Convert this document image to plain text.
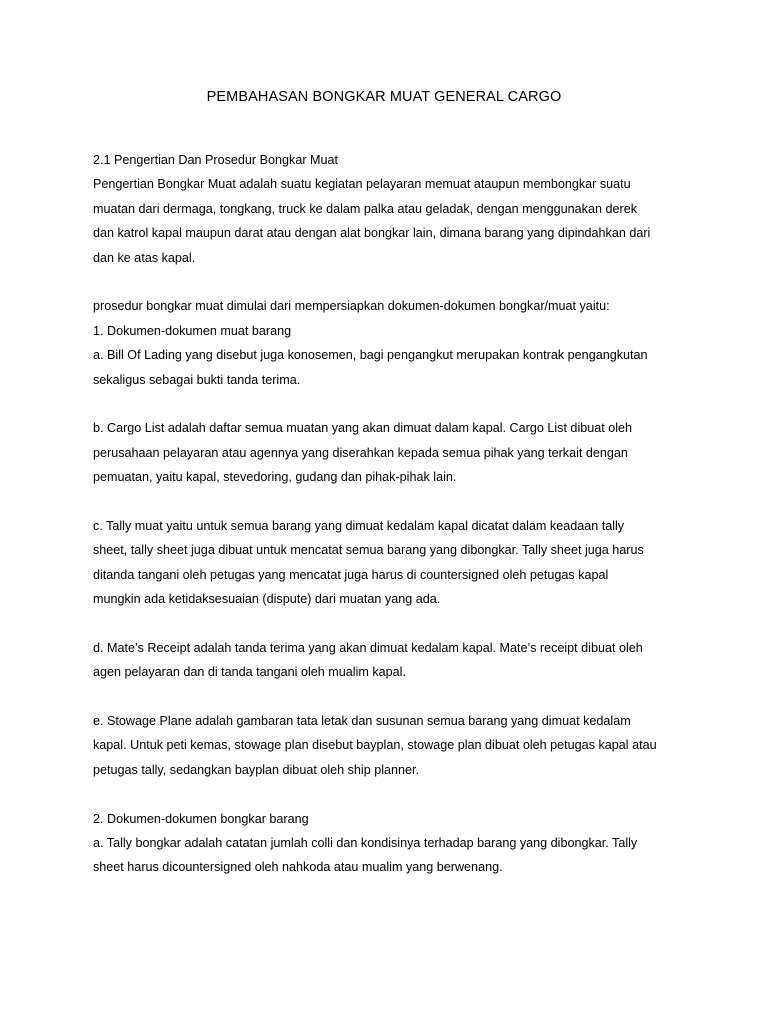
PEMBAHASAN BONGKAR MUAT GENERAL CARGO
2.1 Pengertian Dan Prosedur Bongkar Muat
Pengertian Bongkar Muat adalah suatu kegiatan pelayaran memuat ataupun membongkar suatu
muatan dari dermaga, tongkang, truck ke dalam palka atau geladak, dengan menggunakan derek
dan katrol kapal maupun darat atau dengan alat bongkar lain, dimana barang yang dipindahkan dari
dan ke atas kapal.
prosedur bongkar muat dimulai dari mempersiapkan dokumen-dokumen bongkar/muat yaitu:
1. Dokumen-dokumen muat barang
a. Bill Of Lading yang disebut juga konosemen, bagi pengangkut merupakan kontrak pengangkutan
sekaligus sebagai bukti tanda terima.
b. Cargo List adalah daftar semua muatan yang akan dimuat dalam kapal. Cargo List dibuat oleh
perusahaan pelayaran atau agennya yang diserahkan kepada semua pihak yang terkait dengan
pemuatan, yaitu kapal, stevedoring, gudang dan pihak-pihak lain.
c. Tally muat yaitu untuk semua barang yang dimuat kedalam kapal dicatat dalam keadaan tally
sheet, tally sheet juga dibuat untuk mencatat semua barang yang dibongkar. Tally sheet juga harus
ditanda tangani oleh petugas yang mencatat juga harus di countersigned oleh petugas kapal
mungkin ada ketidaksesuaian (dispute) dari muatan yang ada.
d. Mate’s Receipt adalah tanda terima yang akan dimuat kedalam kapal. Mate’s receipt dibuat oleh
agen pelayaran dan di tanda tangani oleh mualim kapal.
e. Stowage Plane adalah gambaran tata letak dan susunan semua barang yang dimuat kedalam
kapal. Untuk peti kemas, stowage plan disebut bayplan, stowage plan dibuat oleh petugas kapal atau
petugas tally, sedangkan bayplan dibuat oleh ship planner.
2. Dokumen-dokumen bongkar barang
a. Tally bongkar adalah catatan jumlah colli dan kondisinya terhadap barang yang dibongkar. Tally
sheet harus dicountersigned oleh nahkoda atau mualim yang berwenang.
